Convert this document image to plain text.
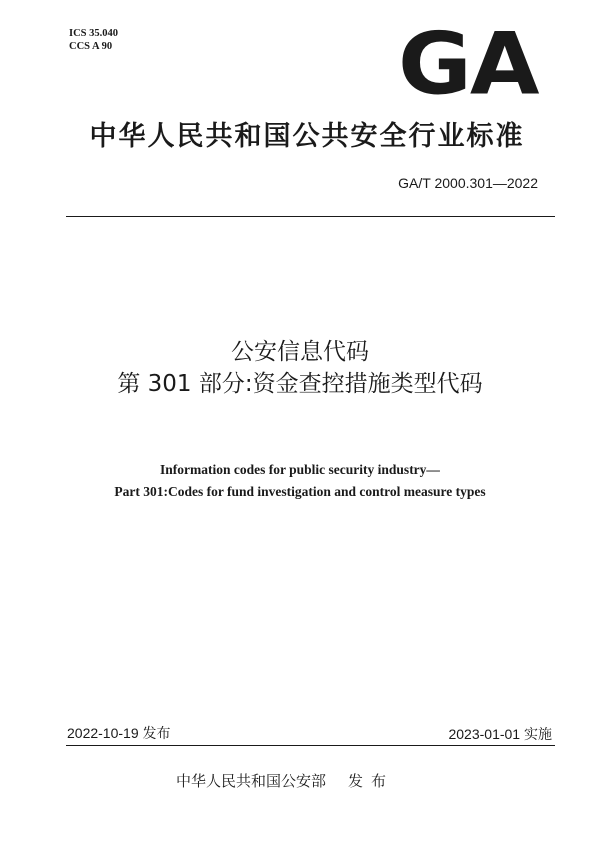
ICS 35.040
CCS A 90	GA
中华人民共和国公共安全行业标准
GA/T 2000.301—2022
公安信息代码
第 301 部分:资金查控措施类型代码
Information codes for public security industry—
Part 301:Codes for fund investigation and control measure types
2022-10-19 发布	2023-01-01 实施
中华人民共和国公安部 发布
